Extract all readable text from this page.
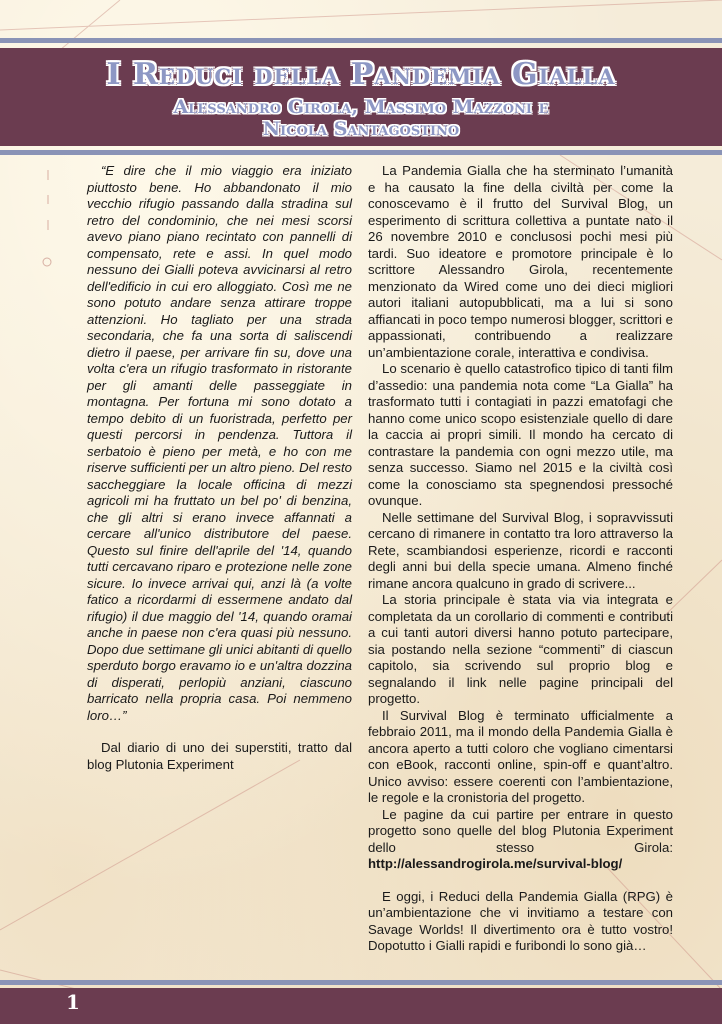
I Reduci della Pandemia Gialla
Alessandro Girola, Massimo Mazzoni e
Nicola Santagostino

“E dire che il mio viaggio era iniziato piuttosto bene. Ho abbandonato il mio vecchio rifugio passando dalla stradina sul retro del condominio, che nei mesi scorsi avevo piano piano recintato con pannelli di compensato, rete e assi. In quel modo nessuno dei Gialli poteva avvicinarsi al retro dell'edificio in cui ero alloggiato. Così me ne sono potuto andare senza attirare troppe attenzioni. Ho tagliato per una strada secondaria, che fa una sorta di saliscendi dietro il paese, per arrivare fin su, dove una volta c'era un rifugio trasformato in ristorante per gli amanti delle passeggiate in montagna. Per fortuna mi sono dotato a tempo debito di un fuoristrada, perfetto per questi percorsi in pendenza. Tuttora il serbatoio è pieno per metà, e ho con me riserve sufficienti per un altro pieno. Del resto saccheggiare la locale officina di mezzi agricoli mi ha fruttato un bel po' di benzina, che gli altri si erano invece affannati a cercare all'unico distributore del paese. Questo sul finire dell'aprile del '14, quando tutti cercavano riparo e protezione nelle zone sicure. Io invece arrivai qui, anzi là (a volte fatico a ricordarmi di essermene andato dal rifugio) il due maggio del '14, quando oramai anche in paese non c'era quasi più nessuno. Dopo due settimane gli unici abitanti di quello sperduto borgo eravamo io e un'altra dozzina di disperati, perlopiù anziani, ciascuno barricato nella propria casa. Poi nemmeno loro…”

Dal diario di uno dei superstiti, tratto dal blog Plutonia Experiment

La Pandemia Gialla che ha sterminato l’umanità e ha causato la fine della civiltà per come la conoscevamo è il frutto del Survival Blog, un esperimento di scrittura collettiva a puntate nato il 26 novembre 2010 e conclusosi pochi mesi più tardi. Suo ideatore e promotore principale è lo scrittore Alessandro Girola, recentemente menzionato da Wired come uno dei dieci migliori autori italiani autopubblicati, ma a lui si sono affiancati in poco tempo numerosi blogger, scrittori e appassionati, contribuendo a realizzare un’ambientazione corale, interattiva e condivisa.

Lo scenario è quello catastrofico tipico di tanti film d’assedio: una pandemia nota come “La Gialla” ha trasformato tutti i contagiati in pazzi ematofagi che hanno come unico scopo esistenziale quello di dare la caccia ai propri simili. Il mondo ha cercato di contrastare la pandemia con ogni mezzo utile, ma senza successo. Siamo nel 2015 e la civiltà così come la conosciamo sta spegnendosi pressoché ovunque.

Nelle settimane del Survival Blog, i sopravvissuti cercano di rimanere in contatto tra loro attraverso la Rete, scambiandosi esperienze, ricordi e racconti degli anni bui della specie umana. Almeno finché rimane ancora qualcuno in grado di scrivere...

La storia principale è stata via via integrata e completata da un corollario di commenti e contributi a cui tanti autori diversi hanno potuto partecipare, sia postando nella sezione “commenti” di ciascun capitolo, sia scrivendo sul proprio blog e segnalando il link nelle pagine principali del progetto.

Il Survival Blog è terminato ufficialmente a febbraio 2011, ma il mondo della Pandemia Gialla è ancora aperto a tutti coloro che vogliano cimentarsi con eBook, racconti online, spin-off e quant’altro. Unico avviso: essere coerenti con l’ambientazione, le regole e la cronistoria del progetto.

Le pagine da cui partire per entrare in questo progetto sono quelle del blog Plutonia Experiment dello stesso Girola: http://alessandrogirola.me/survival-blog/

E oggi, i Reduci della Pandemia Gialla (RPG) è un’ambientazione che vi invitiamo a testare con Savage Worlds! Il divertimento ora è tutto vostro! Dopotutto i Gialli rapidi e furibondi lo sono già…

1
